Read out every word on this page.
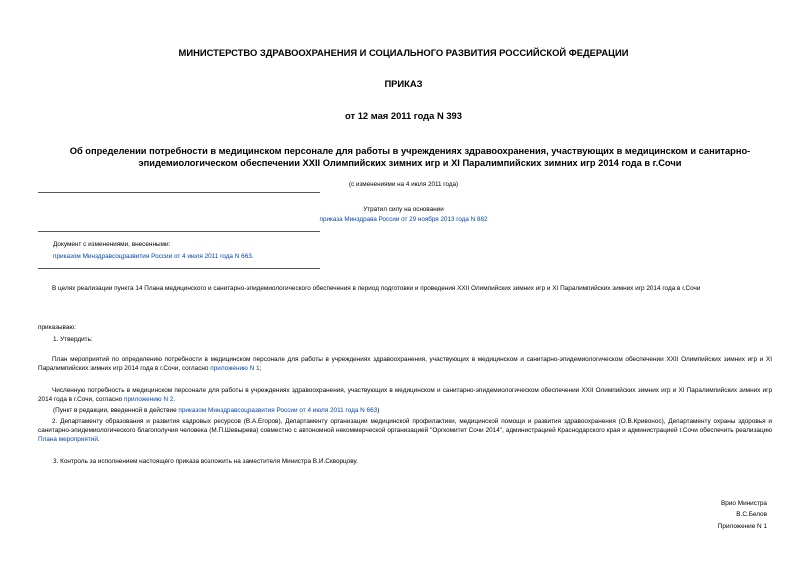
МИНИСТЕРСТВО ЗДРАВООХРАНЕНИЯ И СОЦИАЛЬНОГО РАЗВИТИЯ РОССИЙСКОЙ ФЕДЕРАЦИИ
ПРИКАЗ
от 12 мая 2011 года N 393
Об определении потребности в медицинском персонале для работы в учреждениях здравоохранения, участвующих в медицинском и санитарно-эпидемиологическом обеспечении XXII Олимпийских зимних игр и XI Паралимпийских зимних игр 2014 года в г.Сочи
(с изменениями на 4 июля 2011 года)
Утратил силу на основании
приказа Минздрава России от 29 ноября 2013 года N 882
Документ с изменениями, внесенными:
приказом Минздравсоцразвития России от 4 июля 2011 года N 663.
В целях реализации пункта 14 Плана медицинского и санитарно-эпидемиологического обеспечения в период подготовки и проведения XXII Олимпийских зимних игр и XI Паралимпийских зимних игр 2014 года в г.Сочи
приказываю:
1. Утвердить:
План мероприятий по определению потребности в медицинском персонале для работы в учреждениях здравоохранения, участвующих в медицинском и санитарно-эпидемиологическом обеспечении XXII Олимпийских зимних игр и XI Паралимпийских зимних игр 2014 года в г.Сочи, согласно приложению N 1;
Численную потребность в медицинском персонале для работы в учреждениях здравоохранения, участвующих в медицинском и санитарно-эпидемиологическом обеспечении XXII Олимпийских зимних игр и XI Паралимпийских зимних игр 2014 года в г.Сочи, согласно приложению N 2.
(Пункт в редакции, введенной в действие приказом Минздравсоцразвития России от 4 июля 2011 года N 663)
2. Департаменту образования и развития кадровых ресурсов (В.А.Егоров), Департаменту организации медицинской профилактики, медицинской помощи и развития здравоохранения (О.В.Кривонос), Департаменту охраны здоровья и санитарно-эпидемиологического благополучия человека (М.П.Шевырева) совместно с автономной некоммерческой организацией "Оргкомитет Сочи 2014", администрацией Краснодарского края и администрацией г.Сочи обеспечить реализацию Плана мероприятий.
3. Контроль за исполнением настоящего приказа возложить на заместителя Министра В.И.Скворцову.
Врио Министра
В.С.Белов
Приложение N 1
